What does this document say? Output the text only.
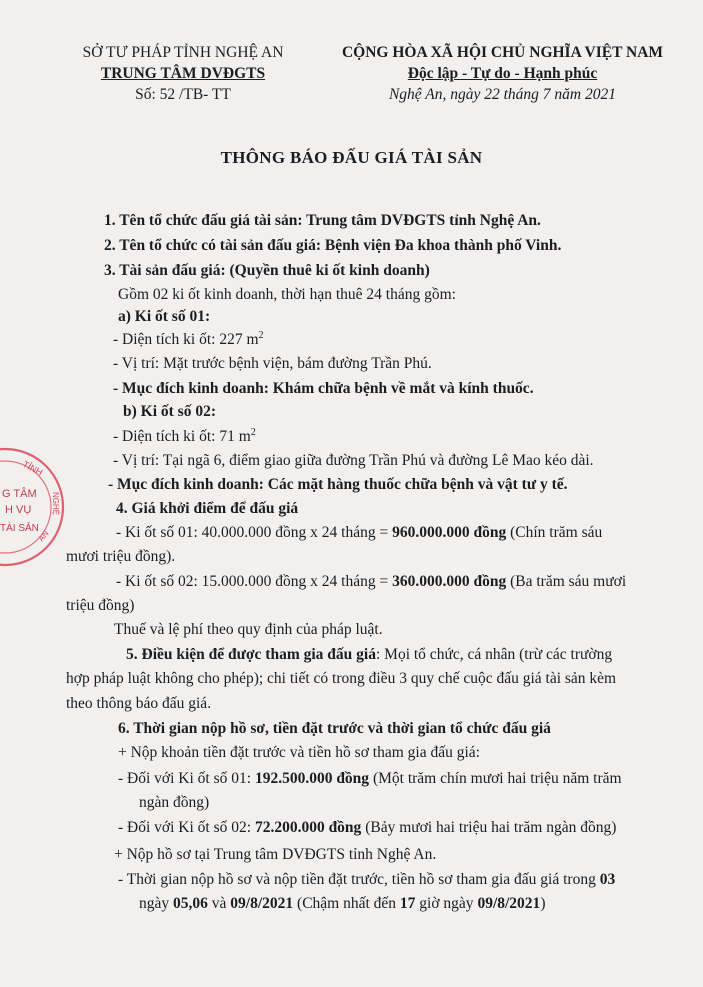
SỞ TƯ PHÁP TỈNH NGHỆ AN
TRUNG TÂM DVĐGTS
Số: 52 /TB- TT
CỘNG HÒA XÃ HỘI CHỦ NGHĨA VIỆT NAM
Độc lập - Tự do - Hạnh phúc
Nghệ An, ngày 22 tháng 7 năm 2021
THÔNG BÁO ĐẤU GIÁ TÀI SẢN
1. Tên tổ chức đấu giá tài sản: Trung tâm DVĐGTS tỉnh Nghệ An.
2. Tên tổ chức có tài sản đấu giá: Bệnh viện Đa khoa thành phố Vinh.
3. Tài sản đấu giá: (Quyền thuê ki ốt kinh doanh)
Gồm 02 ki ốt kinh doanh, thời hạn thuê 24 tháng gồm:
a) Ki ốt số 01:
- Diện tích ki ốt: 227 $m^2$
- Vị trí: Mặt trước bệnh viện, bám đường Trần Phú.
- Mục đích kinh doanh: Khám chữa bệnh về mắt và kính thuốc.
b) Ki ốt số 02:
- Diện tích ki ốt: 71 $m^2$
- Vị trí: Tại ngã 6, điểm giao giữa đường Trần Phú và đường Lê Mao kéo dài.
- Mục đích kinh doanh: Các mặt hàng thuốc chữa bệnh và vật tư y tế.
4. Giá khởi điểm để đấu giá
- Ki ốt số 01: 40.000.000 đồng x 24 tháng = 960.000.000 đồng (Chín trăm sáu
mươi triệu đồng).
- Ki ốt số 02: 15.000.000 đồng x 24 tháng = 360.000.000 đồng (Ba trăm sáu mươi
triệu đồng)
Thuế và lệ phí theo quy định của pháp luật.
5. Điều kiện để được tham gia đấu giá: Mọi tổ chức, cá nhân (trừ các trường
hợp pháp luật không cho phép); chi tiết có trong điều 3 quy chế cuộc đấu giá tài sản kèm
theo thông báo đấu giá.
6. Thời gian nộp hồ sơ, tiền đặt trước và thời gian tổ chức đấu giá
+ Nộp khoản tiền đặt trước và tiền hồ sơ tham gia đấu giá:
- Đối với Ki ốt số 01: 192.500.000 đồng (Một trăm chín mươi hai triệu năm trăm
ngàn đồng)
- Đối với Ki ốt số 02: 72.200.000 đồng (Bảy mươi hai triệu hai trăm ngàn đồng)
+ Nộp hồ sơ tại Trung tâm DVĐGTS tỉnh Nghệ An.
- Thời gian nộp hồ sơ và nộp tiền đặt trước, tiền hồ sơ tham gia đấu giá trong 03
ngày 05,06 và 09/8/2021 (Chậm nhất đến 17 giờ ngày 09/8/2021)
TỈNH
G TÂM
H VỤ
TÀI SẢN
NGHỆ
AN
